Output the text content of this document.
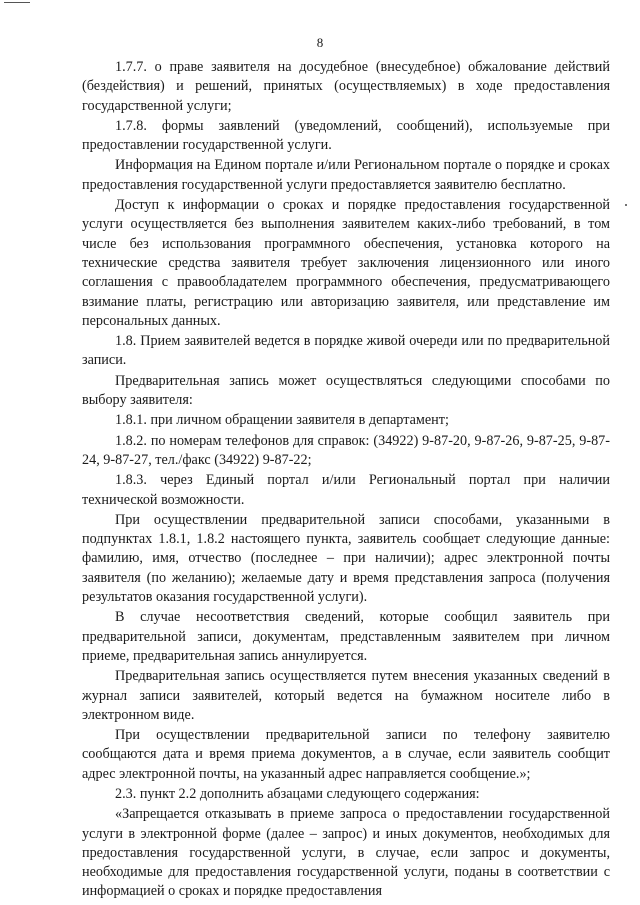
8

1.7.7. о праве заявителя на досудебное (внесудебное) обжалование действий (бездействия) и решений, принятых (осуществляемых) в ходе предоставления государственной услуги;

1.7.8. формы заявлений (уведомлений, сообщений), используемые при предоставлении государственной услуги.

Информация на Едином портале и/или Региональном портале о порядке и сроках предоставления государственной услуги предоставляется заявителю бесплатно.

Доступ к информации о сроках и порядке предоставления государственной услуги осуществляется без выполнения заявителем каких-либо требований, в том числе без использования программного обеспечения, установка которого на технические средства заявителя требует заключения лицензионного или иного соглашения с правообладателем программного обеспечения, предусматривающего взимание платы, регистрацию или авторизацию заявителя, или представление им персональных данных.

1.8. Прием заявителей ведется в порядке живой очереди или по предварительной записи.

Предварительная запись может осуществляться следующими способами по выбору заявителя:

1.8.1. при личном обращении заявителя в департамент;

1.8.2. по номерам телефонов для справок: (34922) 9-87-20, 9-87-26, 9-87-25, 9-87-24, 9-87-27, тел./факс (34922) 9-87-22;

1.8.3. через Единый портал и/или Региональный портал при наличии технической возможности.

При осуществлении предварительной записи способами, указанными в подпунктах 1.8.1, 1.8.2 настоящего пункта, заявитель сообщает следующие данные: фамилию, имя, отчество (последнее – при наличии); адрес электронной почты заявителя (по желанию); желаемые дату и время представления запроса (получения результатов оказания государственной услуги).

В случае несоответствия сведений, которые сообщил заявитель при предварительной записи, документам, представленным заявителем при личном приеме, предварительная запись аннулируется.

Предварительная запись осуществляется путем внесения указанных сведений в журнал записи заявителей, который ведется на бумажном носителе либо в электронном виде.

При осуществлении предварительной записи по телефону заявителю сообщаются дата и время приема документов, а в случае, если заявитель сообщит адрес электронной почты, на указанный адрес направляется сообщение.»;

2.3. пункт 2.2 дополнить абзацами следующего содержания:

«Запрещается отказывать в приеме запроса о предоставлении государственной услуги в электронной форме (далее – запрос) и иных документов, необходимых для предоставления государственной услуги, в случае, если запрос и документы, необходимые для предоставления государственной услуги, поданы в соответствии с информацией о сроках и порядке предоставления
